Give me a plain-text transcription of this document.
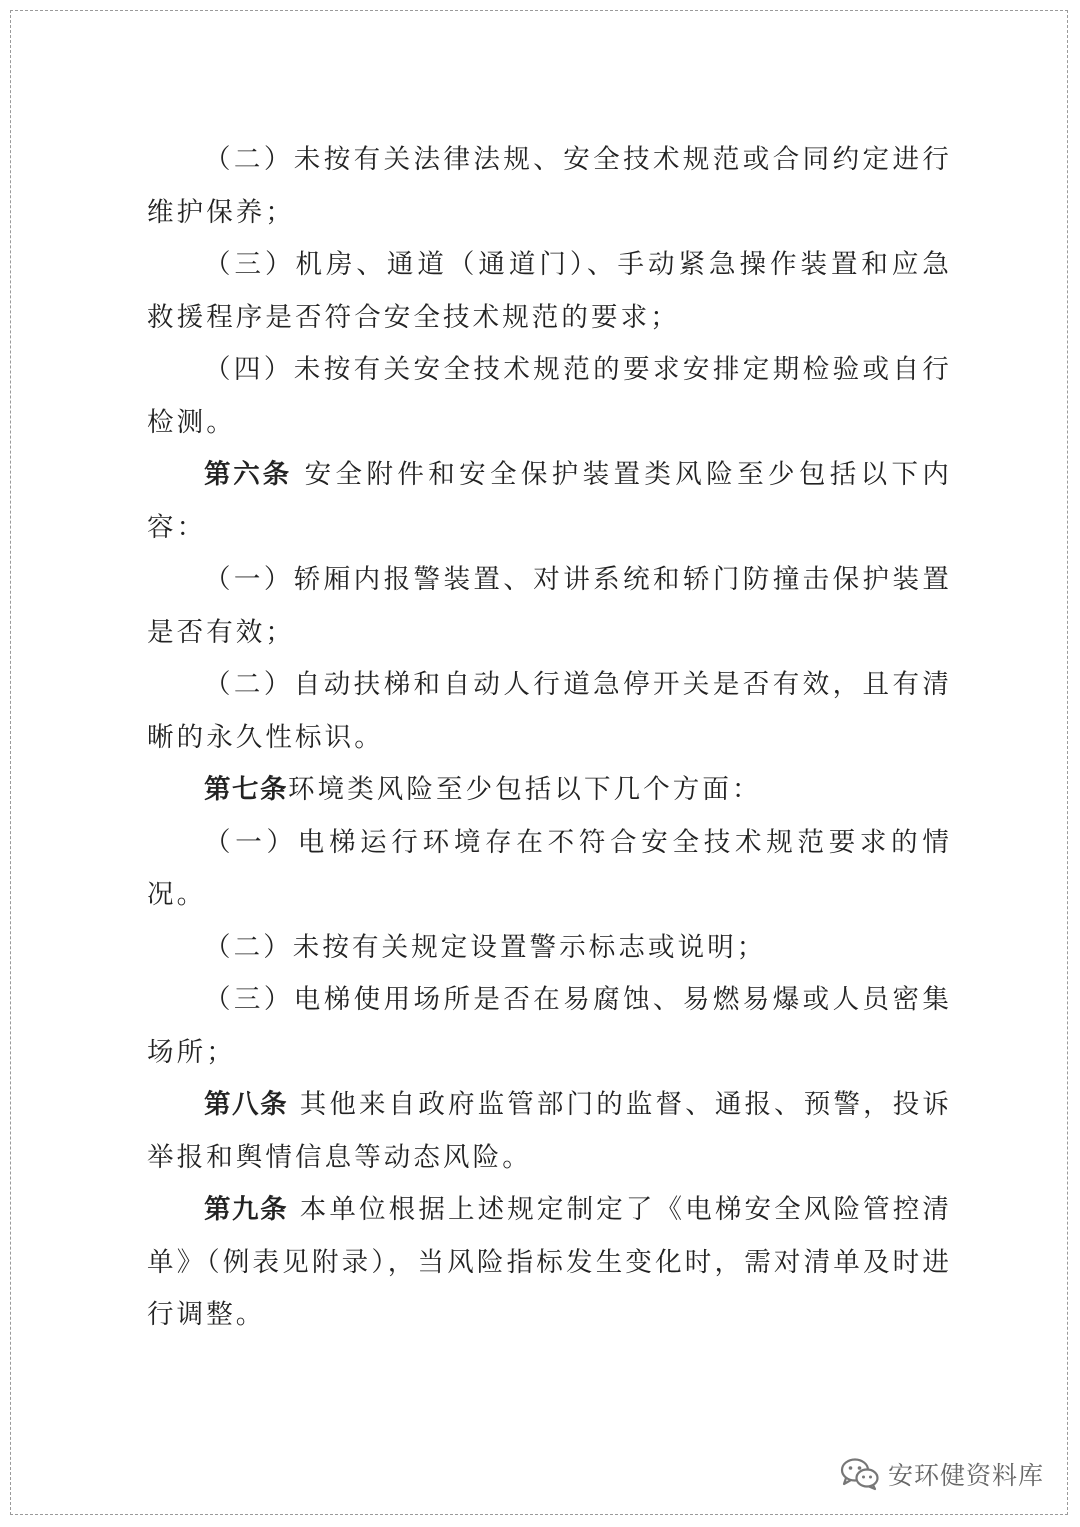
（二）未按有关法律法规、安全技术规范或合同约定进行维护保养；

（三）机房、通道（通道门）、手动紧急操作装置和应急救援程序是否符合安全技术规范的要求；

（四）未按有关安全技术规范的要求安排定期检验或自行检测。

第六条 安全附件和安全保护装置类风险至少包括以下内容：

（一）轿厢内报警装置、对讲系统和轿门防撞击保护装置是否有效；

（二）自动扶梯和自动人行道急停开关是否有效，且有清晰的永久性标识。

第七条环境类风险至少包括以下几个方面：

（一）电梯运行环境存在不符合安全技术规范要求的情况。

（二）未按有关规定设置警示标志或说明；

（三）电梯使用场所是否在易腐蚀、易燃易爆或人员密集场所；

第八条 其他来自政府监管部门的监督、通报、预警，投诉举报和舆情信息等动态风险。

第九条 本单位根据上述规定制定了《电梯安全风险管控清单》（例表见附录），当风险指标发生变化时，需对清单及时进行调整。

安环健资料库
